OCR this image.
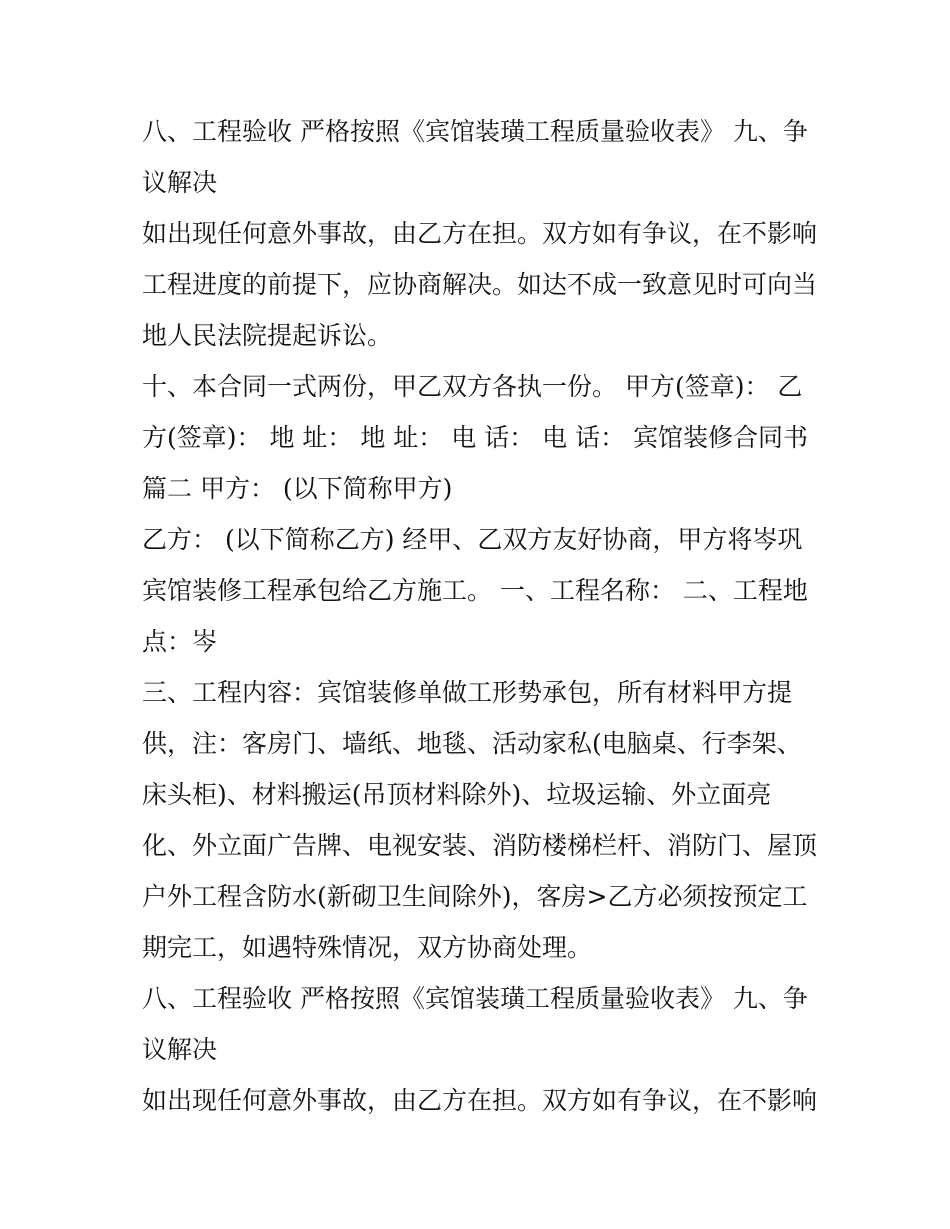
八、工程验收 严格按照《宾馆装璜工程质量验收表》 九、争
议解决
如出现任何意外事故，由乙方在担。双方如有争议，在不影响
工程进度的前提下，应协商解决。如达不成一致意见时可向当
地人民法院提起诉讼。
十、本合同一式两份，甲乙双方各执一份。 甲方(签章)： 乙
方(签章)： 地 址： 地 址： 电 话： 电 话： 宾馆装修合同书
篇二 甲方： (以下简称甲方)
乙方： (以下简称乙方) 经甲、乙双方友好协商，甲方将岑巩
宾馆装修工程承包给乙方施工。 一、工程名称： 二、工程地
点：岑
三、工程内容：宾馆装修单做工形势承包，所有材料甲方提
供，注：客房门、墙纸、地毯、活动家私(电脑桌、行李架、
床头柜)、材料搬运(吊顶材料除外)、垃圾运输、外立面亮
化、外立面广告牌、电视安装、消防楼梯栏杆、消防门、屋顶
户外工程含防水(新砌卫生间除外)，客房>乙方必须按预定工
期完工，如遇特殊情况，双方协商处理。
八、工程验收 严格按照《宾馆装璜工程质量验收表》 九、争
议解决
如出现任何意外事故，由乙方在担。双方如有争议，在不影响
